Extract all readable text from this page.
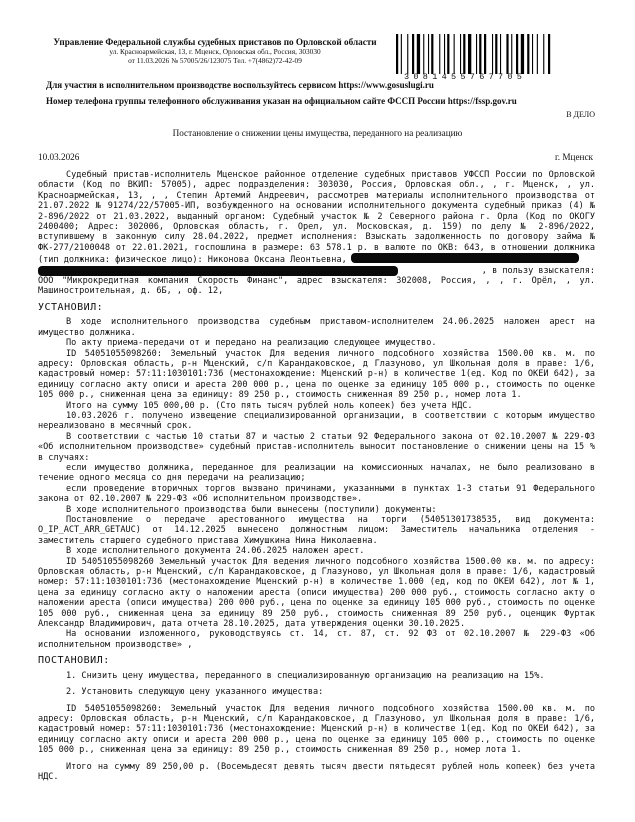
Управление Федеральной службы судебных приставов по Орловской области
ул. Красноармейская, 13, г. Мценск, Орловская обл., Россия, 303030
от 11.03.2026 № 57005/26/123075 Тел. +7(4862)72-42-09
3081455767705
Для участия в исполнительном производстве воспользуйтесь сервисом https://www.gosuslugi.ru
Номер телефона группы телефонного обслуживания указан на официальном сайте ФССП России https://fssp.gov.ru
В ДЕЛО
Постановление о снижении цены имущества, переданного на реализацию
10.03.2026	г. Мценск

Судебный пристав-исполнитель Мценское районное отделение судебных приставов УФССП России по Орловской области (Код по ВКИП: 57005), адрес подразделения: 303030, Россия, Орловская обл., , г. Мценск, , ул. Красноармейская, 13, , , Степин Артемий Андреевич, рассмотрев материалы исполнительного производства от 21.07.2022 № 91274/22/57005-ИП, возбужденного на основании исполнительного документа судебный приказ (4) № 2-896/2022 от 21.03.2022, выданный органом: Судебный участок № 2 Северного района г. Орла (Код по ОКОГУ 2400400; Адрес: 302006, Орловская область, г. Орел, ул. Московская, д. 159) по делу № 2-896/2022, вступившему в законную силу 28.04.2022, предмет исполнения: Взыскать задолженность по договору займа № ФК-277/2100048 от 22.01.2021, госпошлина в размере: 63 578.1 р. в валюте по ОКВ: 643, в отношении должника (тип должника: физическое лицо): Никонова Оксана Леонтьевна,

, в пользу взыскателя:

ООО "Микрокредитная компания Скорость Финанс", адрес взыскателя: 302008, Россия, , , г. Орёл, , ул. Машиностроительная, д. 6Б, , оф. 12,

УСТАНОВИЛ:

В ходе исполнительного производства судебным приставом-исполнителем 24.06.2025 наложен арест на имущество должника.

По акту приема-передачи от и передано на реализацию следующее имущество.

ID 54051055098260: Земельный участок Для ведения личного подсобного хозяйства 1500.00 кв. м. по адресу: Орловская область, р-н Мценский, с/п Карандаковское, д Глазуново, ул Школьная доля в праве: 1/6, кадастровый номер: 57:11:1030101:736 (местонахождение: Мценский р-н) в количестве 1(ед. Код по ОКЕИ 642), за единицу согласно акту описи и ареста 200 000 р., цена по оценке за единицу 105 000 р., стоимость по оценке 105 000 р., сниженная цена за единицу: 89 250 р., стоимость сниженная 89 250 р., номер лота 1.

Итого на сумму 105 000,00 р. (Сто пять тысяч рублей ноль копеек) без учета НДС.

10.03.2026 г. получено извещение специализированной организации, в соответствии с которым имущество нереализовано в месячный срок.

В соответствии с частью 10 статьи 87 и частью 2 статьи 92 Федерального закона от 02.10.2007 № 229-ФЗ «Об исполнительном производстве» судебный пристав-исполнитель выносит постановление о снижении цены на 15 % в случаях:

если имущество должника, переданное для реализации на комиссионных началах, не было реализовано в течение одного месяца со дня передачи на реализацию;

если проведение вторичных торгов вызвано причинами, указанными в пунктах 1-3 статьи 91 Федерального закона от 02.10.2007 № 229-ФЗ «Об исполнительном производстве».

В ходе исполнительного производства были вынесены (поступили) документы:

Постановление о передаче арестованного имущества на торги (54051301738535, вид документа: O_IP_ACT_ARR_GETAUC) от 14.12.2025 вынесено должностным лицом: Заместитель начальника отделения - заместитель старшего судебного пристава Химушкина Нина Николаевна.

В ходе исполнительного документа 24.06.2025 наложен арест.

ID 54051055098260 Земельный участок Для ведения личного подсобного хозяйства 1500.00 кв. м. по адресу: Орловская область, р-н Мценский, с/п Карандаковское, д Глазуново, ул Школьная доля в праве: 1/6, кадастровый номер: 57:11:1030101:736 (местонахождение Мценский р-н) в количестве 1.000 (ед, код по ОКЕИ 642), лот № 1, цена за единицу согласно акту о наложении ареста (описи имущества) 200 000 руб., стоимость согласно акту о наложении ареста (описи имущества) 200 000 руб., цена по оценке за единицу 105 000 руб., стоимость по оценке 105 000 руб., сниженная цена за единицу 89 250 руб., стоимость сниженная 89 250 руб., оценщик Фуртак Александр Владимирович, дата отчета 28.10.2025, дата утверждения оценки 30.10.2025.

На основании изложенного, руководствуясь ст. 14, ст. 87, ст. 92 ФЗ от 02.10.2007 № 229-ФЗ «Об исполнительном производстве» ,

ПОСТАНОВИЛ:

1. Снизить цену имущества, переданного в специализированную организацию на реализацию на 15%.

2. Установить следующую цену указанного имущества:

ID 54051055098260: Земельный участок Для ведения личного подсобного хозяйства 1500.00 кв. м. по адресу: Орловская область, р-н Мценский, с/п Карандаковское, д Глазуново, ул Школьная доля в праве: 1/6, кадастровый номер: 57:11:1030101:736 (местонахождение: Мценский р-н) в количестве 1(ед. Код по ОКЕИ 642), за единицу согласно акту описи и ареста 200 000 р., цена по оценке за единицу 105 000 р., стоимость по оценке 105 000 р., сниженная цена за единицу: 89 250 р., стоимость сниженная 89 250 р., номер лота 1.

Итого на сумму 89 250,00 р. (Восемьдесят девять тысяч двести пятьдесят рублей ноль копеек) без учета НДС.
